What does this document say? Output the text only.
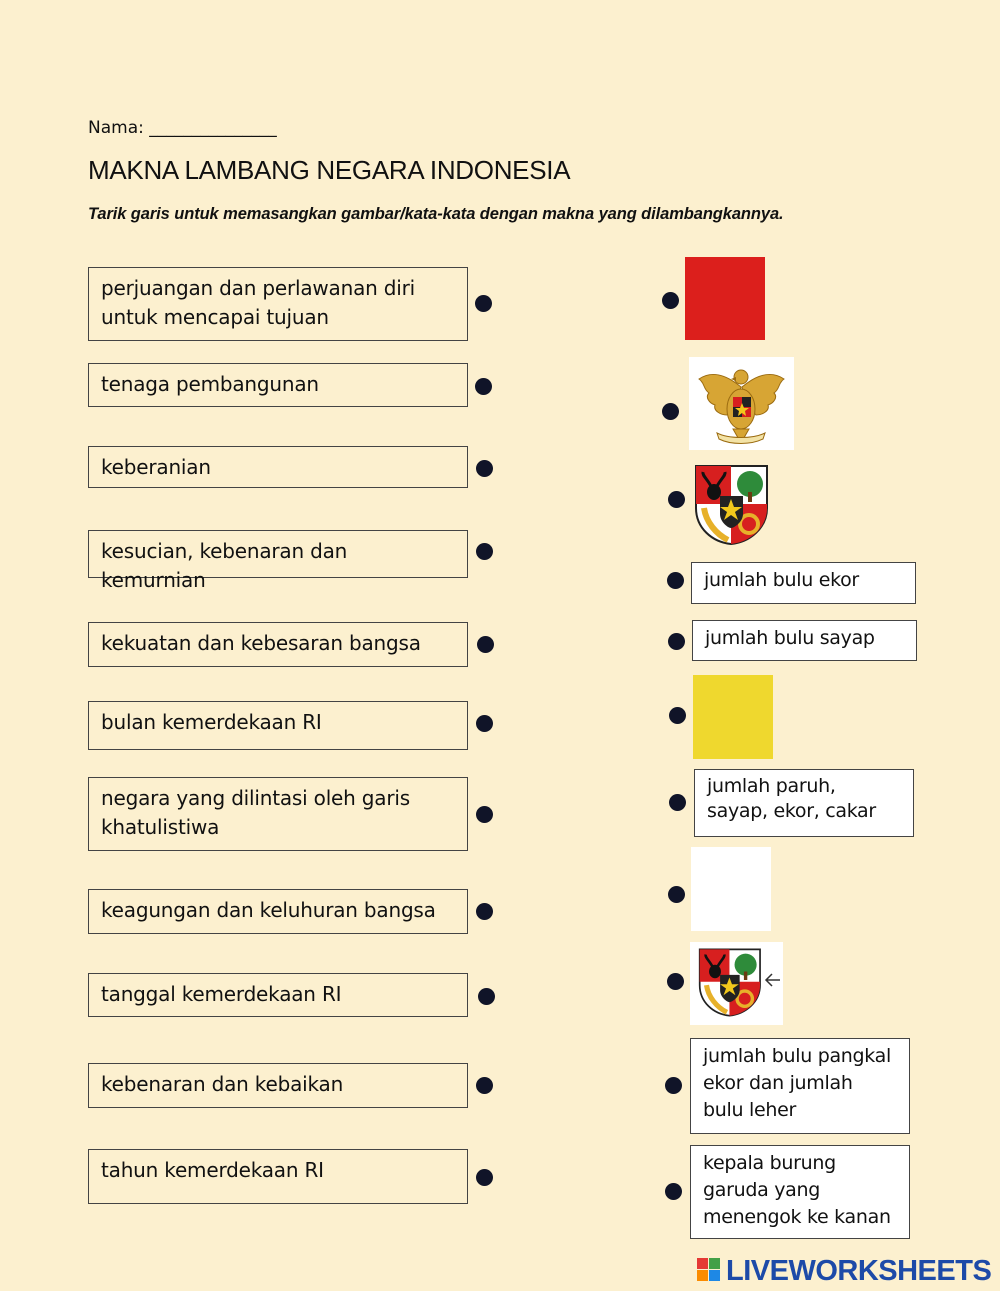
Nama: _______________
MAKNA LAMBANG NEGARA INDONESIA
Tarik garis untuk memasangkan gambar/kata-kata dengan makna yang dilambangkannya.
perjuangan dan perlawanan diri untuk mencapai tujuan
tenaga pembangunan
keberanian
kesucian, kebenaran dan kemurnian
kekuatan dan kebesaran bangsa
bulan kemerdekaan RI
negara yang dilintasi oleh garis khatulistiwa
keagungan dan keluhuran bangsa
tanggal kemerdekaan RI
kebenaran dan kebaikan
tahun kemerdekaan RI
jumlah bulu ekor
jumlah bulu sayap
jumlah paruh, sayap, ekor, cakar
jumlah bulu pangkal ekor dan jumlah bulu leher
kepala burung garuda yang menengok ke kanan
LIVEWORKSHEETS
